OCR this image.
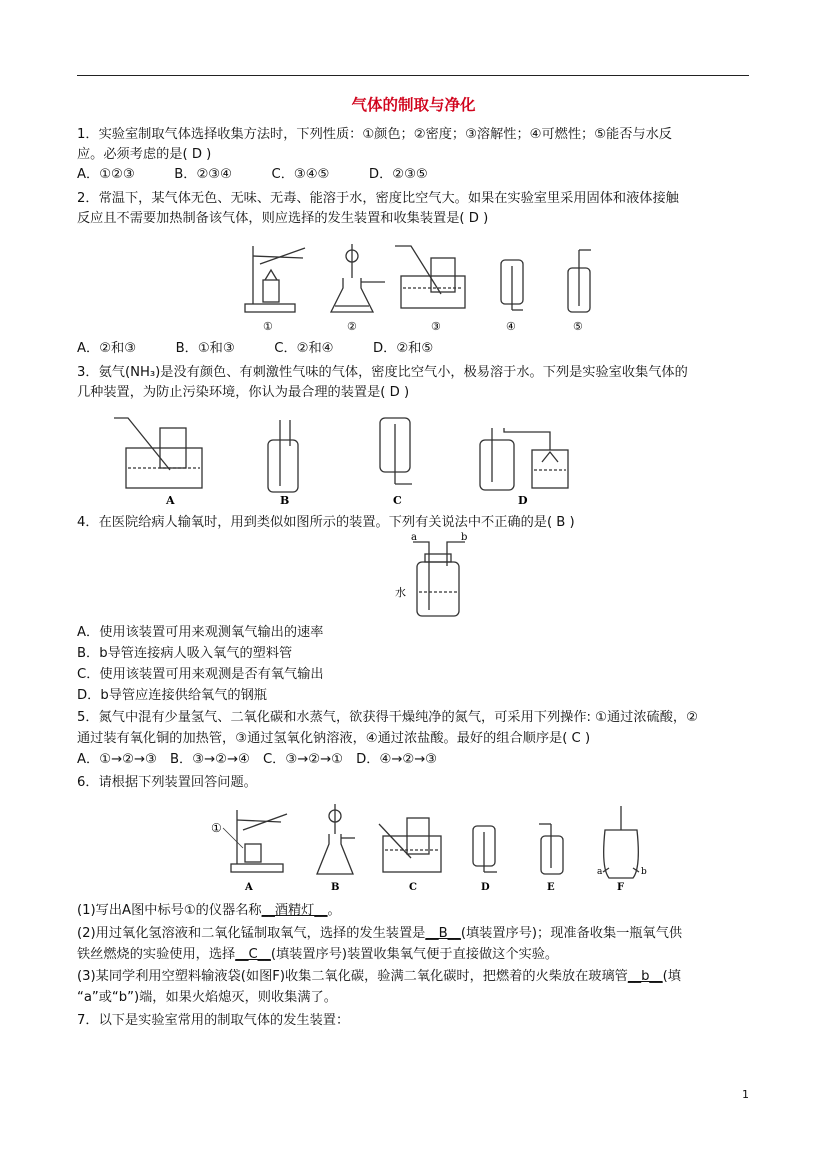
气体的制取与净化
1．实验室制取气体选择收集方法时，下列性质：①颜色；②密度；③溶解性；④可燃性；⑤能否与水反
应。必须考虑的是( D )
A．①②③　　　B．②③④　　　C．③④⑤　　　D．②③⑤
2．常温下，某气体无色、无味、无毒、能溶于水，密度比空气大。如果在实验室里采用固体和液体接触
反应且不需要加热制备该气体，则应选择的发生装置和收集装置是( D )
①	②	③	④	⑤
A．②和③　　　B．①和③　　　C．②和④　　　D．②和⑤
3．氨气(NH₃)是没有颜色、有刺激性气味的气体，密度比空气小，极易溶于水。下列是实验室收集气体的
几种装置，为防止污染环境，你认为最合理的装置是( D )
A	B	C	D
4．在医院给病人输氧时，用到类似如图所示的装置。下列有关说法中不正确的是( B )
a	b
水
A．使用该装置可用来观测氧气输出的速率
B．b导管连接病人吸入氧气的塑料管
C．使用该装置可用来观测是否有氧气输出
D．b导管应连接供给氧气的钢瓶
5．氮气中混有少量氢气、二氧化碳和水蒸气，欲获得干燥纯净的氮气，可采用下列操作: ①通过浓硫酸，②
通过装有氧化铜的加热管，③通过氢氧化钠溶液，④通过浓盐酸。最好的组合顺序是( C )
A．①→②→③　B．③→②→④　C．③→②→①　D．④→②→③
6．请根据下列装置回答问题。
①
a	b
A	B	C	D	E	F
(1)写出A图中标号①的仪器名称__酒精灯__。
(2)用过氧化氢溶液和二氧化锰制取氧气，选择的发生装置是__B__(填装置序号)；现准备收集一瓶氧气供
铁丝燃烧的实验使用，选择__C__(填装置序号)装置收集氧气便于直接做这个实验。
(3)某同学利用空塑料输液袋(如图F)收集二氧化碳，验满二氧化碳时，把燃着的火柴放在玻璃管__b__(填
“a”或“b”)端，如果火焰熄灭，则收集满了。
7．以下是实验室常用的制取气体的发生装置：
1
